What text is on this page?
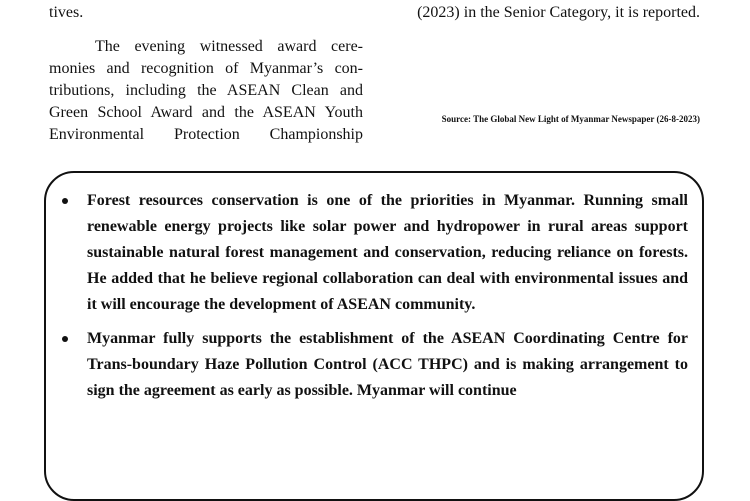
tives.

The evening witnessed award cere-
monies and recognition of Myanmar’s con-
tributions, including the ASEAN Clean and
Green School Award and the ASEAN Youth
Environmental Protection Championship

(2023) in the Senior Category, it is reported.
Source: The Global New Light of Myanmar Newspaper (26-8-2023)
Forest resources conservation is one of the priorities in Myanmar. Running small renewable energy projects like solar power and hydropower in rural areas support sustainable natural forest management and conservation, reducing reliance on forests. He added that he believe regional collaboration can deal with environmental issues and it will encourage the development of ASEAN community.
Myanmar fully supports the establishment of the ASEAN Coordinating Centre for Trans-boundary Haze Pollution Control (ACC THPC) and is making arrangement to sign the agreement as early as possible. Myanmar will continue
